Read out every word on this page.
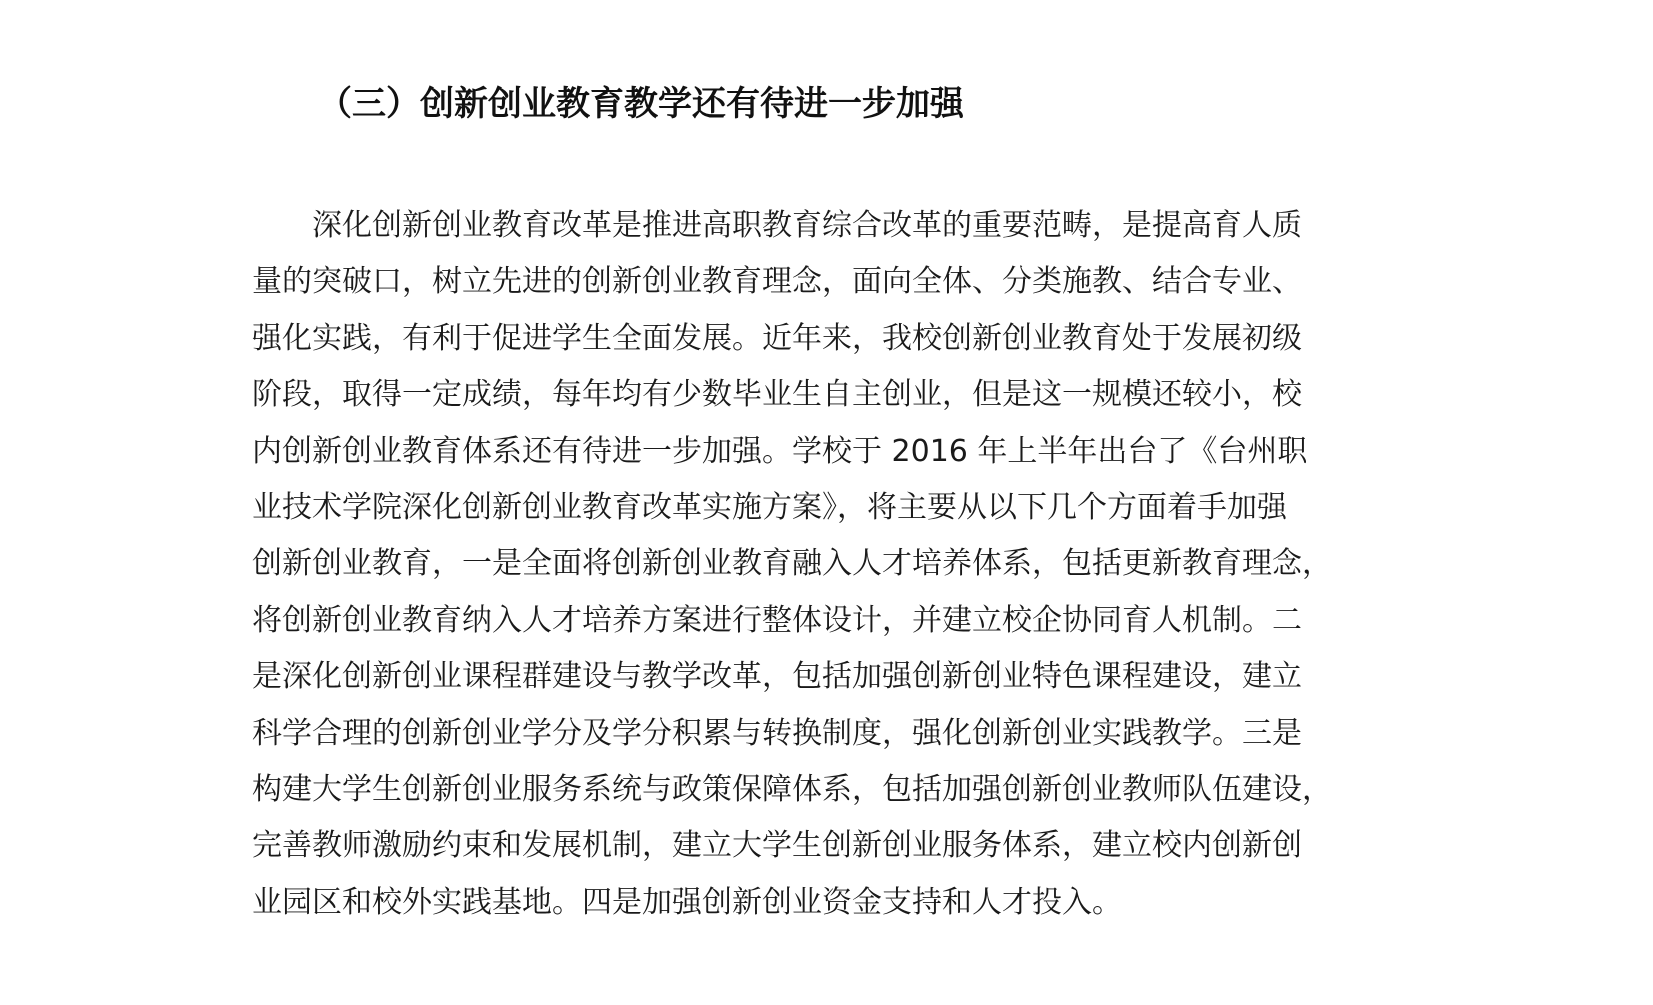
（三）创新创业教育教学还有待进一步加强
深化创新创业教育改革是推进高职教育综合改革的重要范畴，是提高育人质
量的突破口，树立先进的创新创业教育理念，面向全体、分类施教、结合专业、
强化实践，有利于促进学生全面发展。近年来，我校创新创业教育处于发展初级
阶段，取得一定成绩，每年均有少数毕业生自主创业，但是这一规模还较小，校
内创新创业教育体系还有待进一步加强。学校于 2016 年上半年出台了《台州职
业技术学院深化创新创业教育改革实施方案》，将主要从以下几个方面着手加强
创新创业教育，一是全面将创新创业教育融入人才培养体系，包括更新教育理念，
将创新创业教育纳入人才培养方案进行整体设计，并建立校企协同育人机制。二
是深化创新创业课程群建设与教学改革，包括加强创新创业特色课程建设，建立
科学合理的创新创业学分及学分积累与转换制度，强化创新创业实践教学。三是
构建大学生创新创业服务系统与政策保障体系，包括加强创新创业教师队伍建设，
完善教师激励约束和发展机制，建立大学生创新创业服务体系，建立校内创新创
业园区和校外实践基地。四是加强创新创业资金支持和人才投入。
